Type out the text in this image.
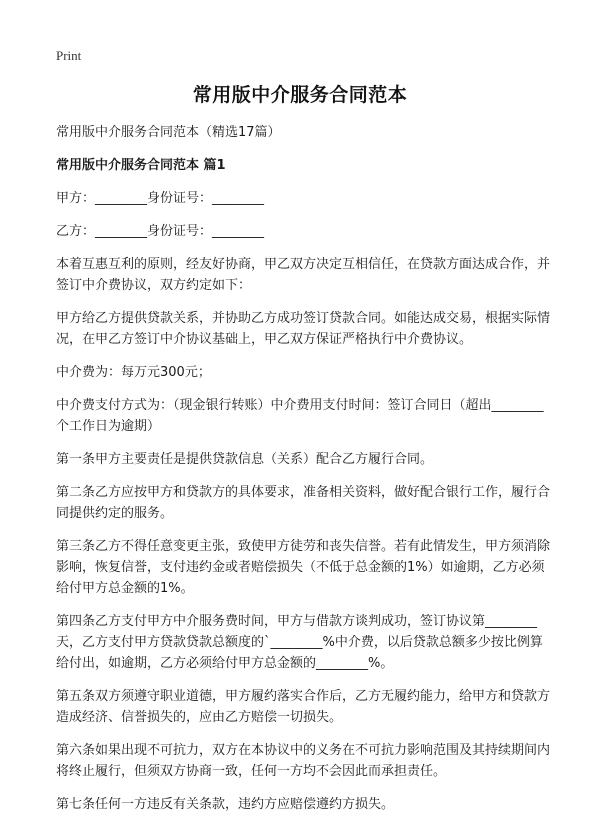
Print
常用版中介服务合同范本

常用版中介服务合同范本（精选17篇）

常用版中介服务合同范本 篇1

甲方：________身份证号：________

乙方：________身份证号：________

本着互惠互利的原则，经友好协商，甲乙双方决定互相信任，在贷款方面达成合作，并签订中介费协议，双方约定如下：

甲方给乙方提供贷款关系，并协助乙方成功签订贷款合同。如能达成交易，根据实际情况，在甲乙方签订中介协议基础上，甲乙双方保证严格执行中介费协议。

中介费为：每万元300元；

中介费支付方式为：（现金银行转账）中介费用支付时间：签订合同日（超出________个工作日为逾期）

第一条甲方主要责任是提供贷款信息（关系）配合乙方履行合同。

第二条乙方应按甲方和贷款方的具体要求，准备相关资料，做好配合银行工作，履行合同提供约定的服务。

第三条乙方不得任意变更主张，致使甲方徒劳和丧失信誉。若有此情发生，甲方须消除影响，恢复信誉，支付违约金或者赔偿损失（不低于总金额的1%）如逾期，乙方必须给付甲方总金额的1%。

第四条乙方支付甲方中介服务费时间，甲方与借款方谈判成功，签订协议第________天，乙方支付甲方贷款贷款总额度的`________%中介费，以后贷款总额多少按比例算给付出，如逾期，乙方必须给付甲方总金额的________%。

第五条双方须遵守职业道德，甲方履约落实合作后，乙方无履约能力，给甲方和贷款方造成经济、信誉损失的，应由乙方赔偿一切损失。

第六条如果出现不可抗力，双方在本协议中的义务在不可抗力影响范围及其持续期间内将终止履行，但须双方协商一致，任何一方均不会因此而承担责任。

第七条任何一方违反有关条款，违约方应赔偿遵约方损失。
